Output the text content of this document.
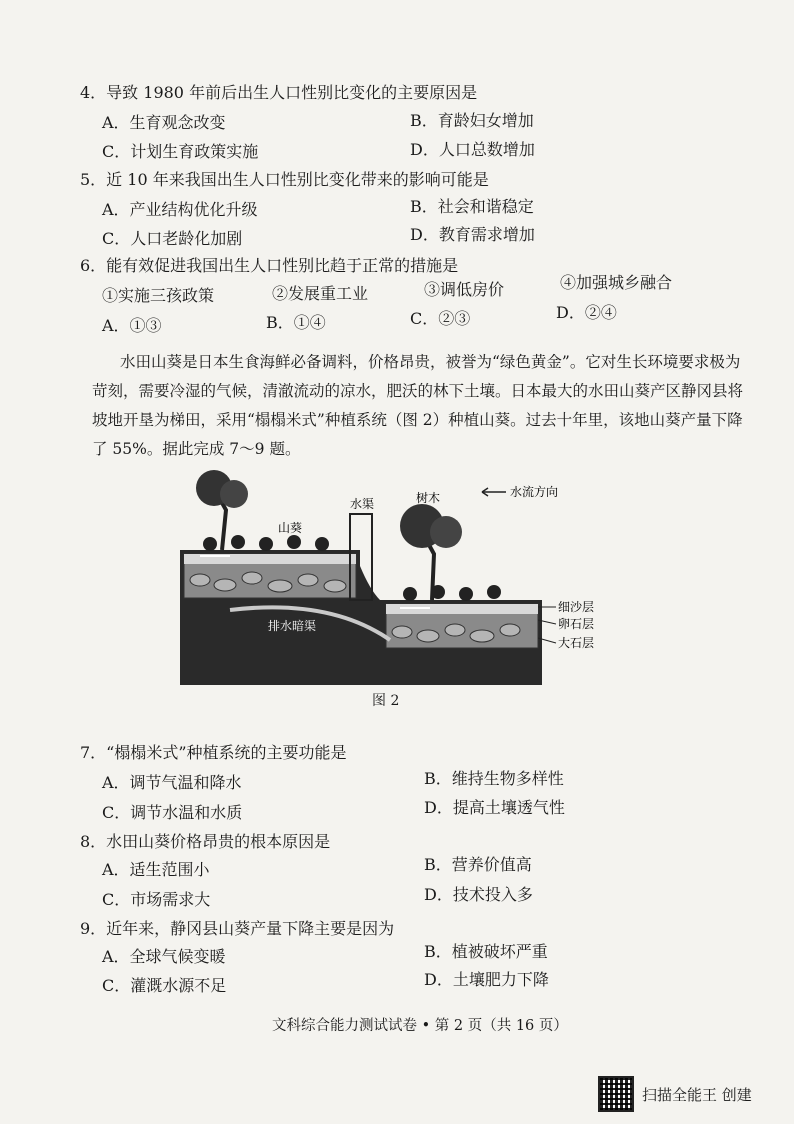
4．导致 1980 年前后出生人口性别比变化的主要原因是
A．生育观念改变	B．育龄妇女增加
C．计划生育政策实施	D．人口总数增加
5．近 10 年来我国出生人口性别比变化带来的影响可能是
A．产业结构优化升级	B．社会和谐稳定
C．人口老龄化加剧	D．教育需求增加
6．能有效促进我国出生人口性别比趋于正常的措施是
①实施三孩政策	②发展重工业	③调低房价	④加强城乡融合
A．①③	B．①④	C．②③	D．②④
水田山葵是日本生食海鲜必备调料，价格昂贵，被誉为“绿色黄金”。它对生长环境要求极为苛刻，需要冷湿的气候，清澈流动的凉水，肥沃的林下土壤。日本最大的水田山葵产区静冈县将坡地开垦为梯田，采用“榻榻米式”种植系统（图 2）种植山葵。过去十年里，该地山葵产量下降了 55%。据此完成 7～9 题。
水流方向
山葵
水渠	树木
排水暗渠
细沙层
卵石层
大石层
图 2
7．“榻榻米式”种植系统的主要功能是
A．调节气温和降水	B．维持生物多样性
C．调节水温和水质	D．提高土壤透气性
8．水田山葵价格昂贵的根本原因是
A．适生范围小	B．营养价值高
C．市场需求大	D．技术投入多
9．近年来，静冈县山葵产量下降主要是因为
A．全球气候变暖	B．植被破坏严重
C．灌溉水源不足	D．土壤肥力下降
文科综合能力测试试卷 • 第 2 页（共 16 页）
扫描全能王 创建
